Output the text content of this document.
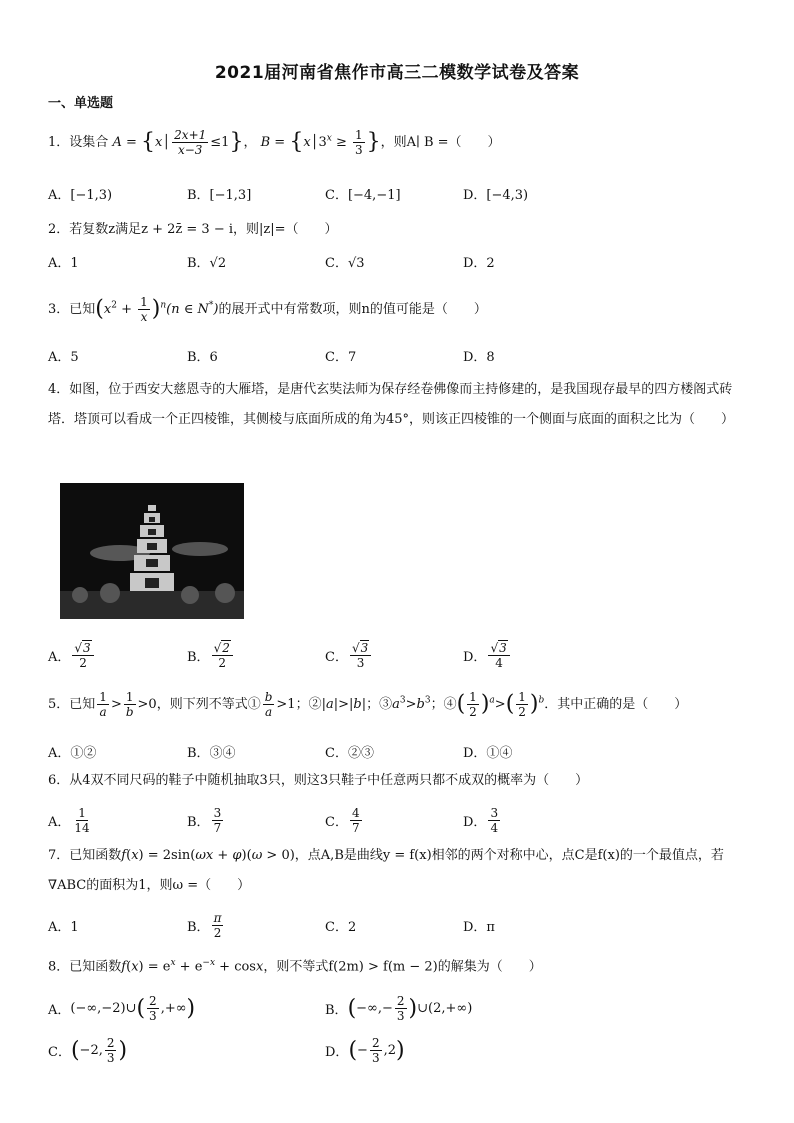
2021届河南省焦作市高三二模数学试卷及答案
一、单选题
1．设集合 A = {x│ $\frac{2x+1}{x-3} \le 1$}， $B = \{x│3^x \ge \frac{1}{3}$ }，则A∣ B =（　　）
A．[−1,3)	B．[−1,3]	C．[−4,−1]	D．[−4,3)
2．若复数z满足z + 2z̄ = 3 − i，则|z|=（　　）
A．1	B．√2	C．√3	D．2
3．已知$(x^2 + \frac{1}{x} )^n(n$ ∈ N*)的展开式中有常数项，则n的值可能是（　　）
A．5	B．6	C．7	D．8
4．如图，位于西安大慈恩寺的大雁塔，是唐代玄奘法师为保存经卷佛像而主持修建的，是我国现存最早的四方楼阁式砖塔．塔顶可以看成一个正四棱锥，其侧棱与底面所成的角为45°，则该正四棱锥的一个侧面与底面的面积之比为（　　）
A． $\frac{√3}{2}$	B． $\frac{√2}{2}$	C． $\frac{√3}{3}$	D． $\frac{√3}{4}$
5．已知 $\frac{1}{a} > \frac{1}{b} >0$，则下列不等式① $\frac{b}{a} >1$；②|a|>|b|；$③a^3>b^3$；④( $\frac{1}{2} )^a>( \frac{1}{2} )^b$．其中正确的是（　　）
A．①②	B．③④	C．②③	D．①④
6．从4双不同尺码的鞋子中随机抽取3只，则这3只鞋子中任意两只都不成双的概率为（　　）
A． $\frac{1}{14}$	B． $\frac{3}{7}$	C． $\frac{4}{7}$	D． $\frac{3}{4}$
7．已知函数f(x) = 2sin(ωx + φ)(ω > 0)，点A,B是曲线y = f(x)相邻的两个对称中心，点C是f(x)的一个最值点，若∇ABC的面积为1，则ω =（　　）
A．1	B． $\frac{\pi}{2}$	C．2	D．π
8．已知函数$f(x) = e^x + e^{-x} + \cos x$，则不等式f(2m) > f(m − 2)的解集为（　　）
A． (−∞,−2)∪ ( $\frac{2}{3}$ ,+∞ )	B． ( −∞,− $\frac{2}{3}$ ) ∪(2,+∞)
C． ( −2, $\frac{2}{3}$ )	D． ( − $\frac{2}{3} ,2$ )
